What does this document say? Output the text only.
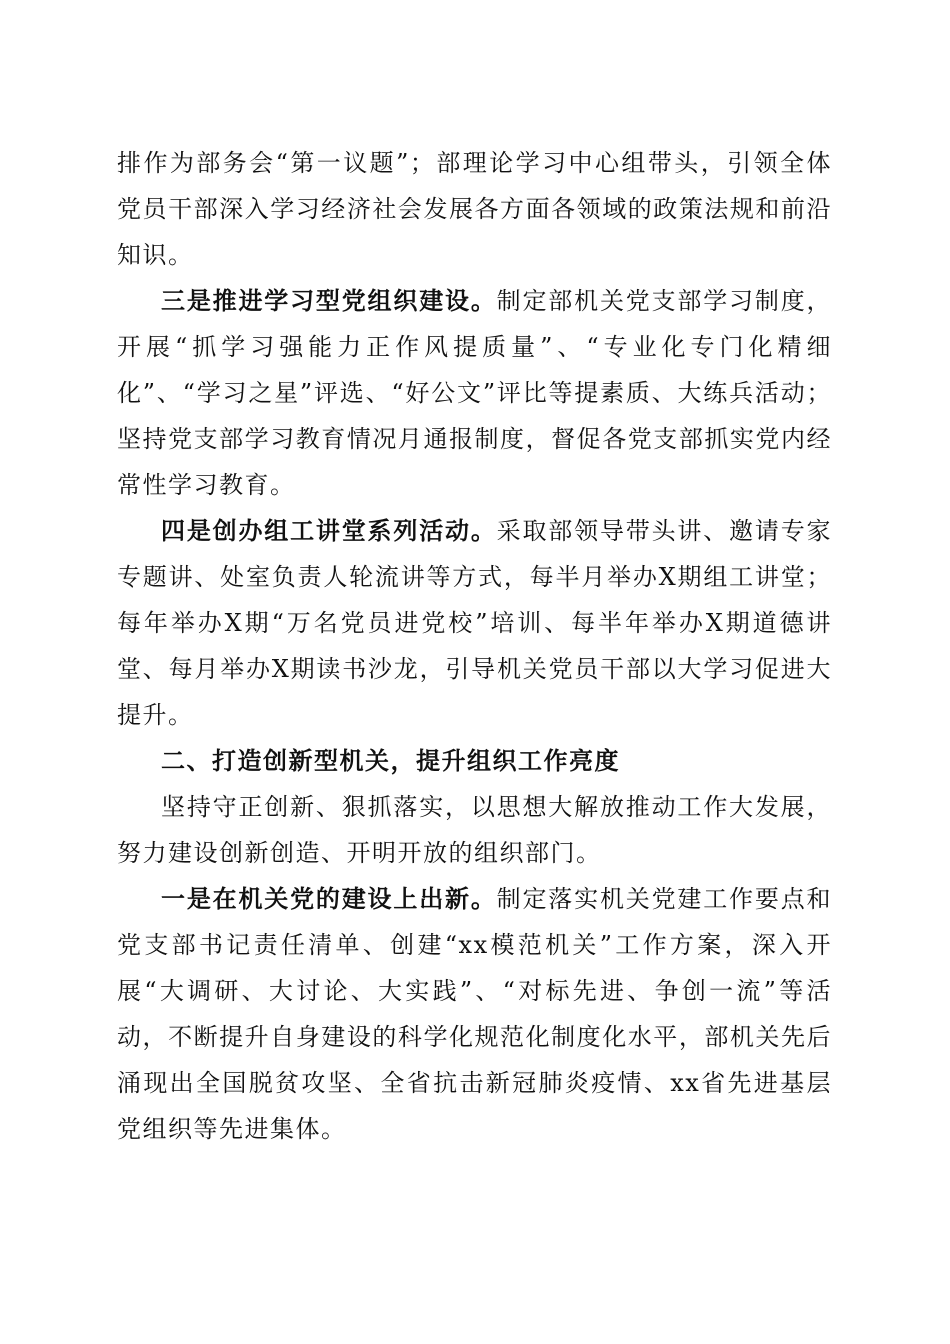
排作为部务会“第一议题”；部理论学习中心组带头，引领全体党员干部深入学习经济社会发展各方面各领域的政策法规和前沿知识。

三是推进学习型党组织建设。制定部机关党支部学习制度，开展“抓学习强能力正作风提质量”、“专业化专门化精细化”、“学习之星”评选、“好公文”评比等提素质、大练兵活动；坚持党支部学习教育情况月通报制度，督促各党支部抓实党内经常性学习教育。

四是创办组工讲堂系列活动。采取部领导带头讲、邀请专家专题讲、处室负责人轮流讲等方式，每半月举办X期组工讲堂；每年举办X期“万名党员进党校”培训、每半年举办X期道德讲堂、每月举办X期读书沙龙，引导机关党员干部以大学习促进大提升。

二、打造创新型机关，提升组织工作亮度

坚持守正创新、狠抓落实，以思想大解放推动工作大发展，努力建设创新创造、开明开放的组织部门。

一是在机关党的建设上出新。制定落实机关党建工作要点和党支部书记责任清单、创建“xx模范机关”工作方案，深入开展“大调研、大讨论、大实践”、“对标先进、争创一流”等活动，不断提升自身建设的科学化规范化制度化水平，部机关先后涌现出全国脱贫攻坚、全省抗击新冠肺炎疫情、xx省先进基层党组织等先进集体。
